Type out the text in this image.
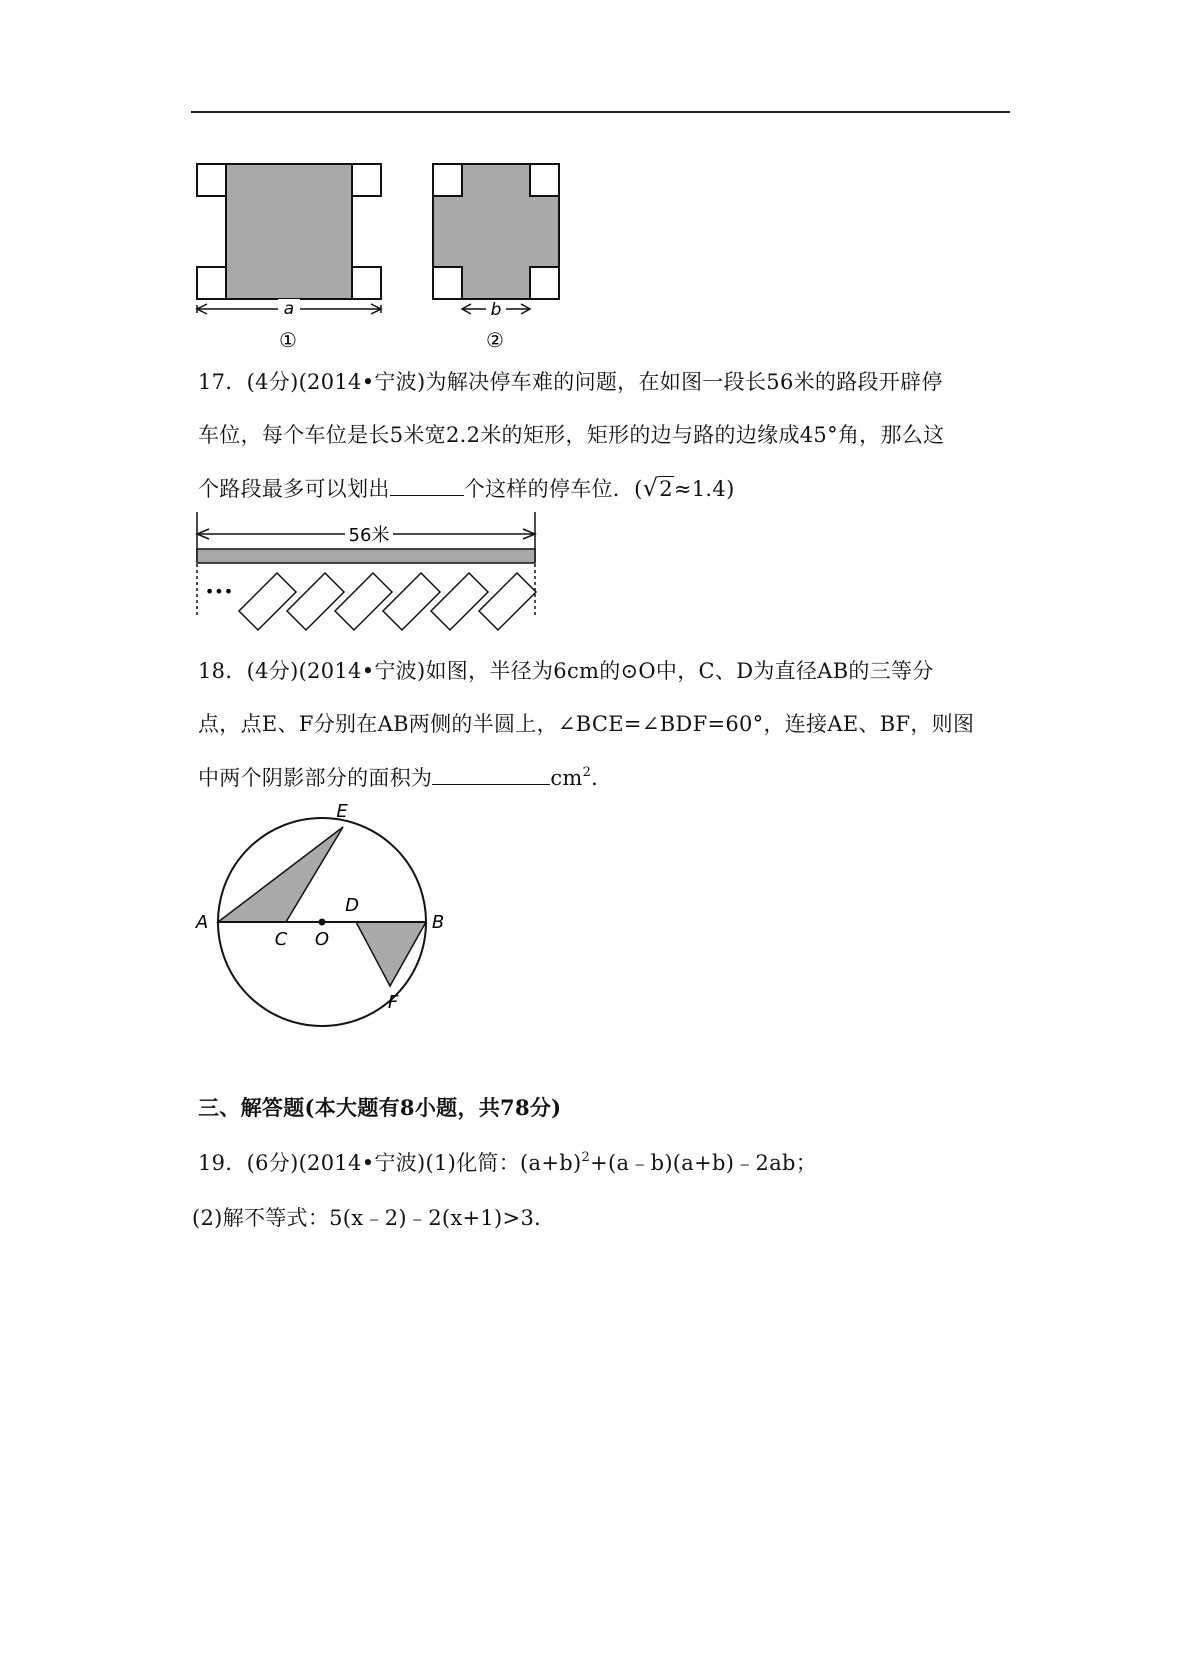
a
①
b
②
17．(4分)(2014•宁波)为解决停车难的问题，在如图一段长56米的路段开辟停
车位，每个车位是长5米宽2.2米的矩形，矩形的边与路的边缘成45°角，那么这
个路段最多可以划出	个这样的停车位．(√2≈1.4)
56米
•••
18．(4分)(2014•宁波)如图，半径为6cm的⊙O中，C、D为直径AB的三等分
点，点E、F分别在AB两侧的半圆上，∠BCE=∠BDF=60°，连接AE、BF，则图
中两个阴影部分的面积为	$cm^2$．
E
A	B
C O
D
F
三、解答题(本大题有8小题，共78分)
19．(6分)(2014•宁波)(1)化简：$(a+b)^2+(a﹣b)(a+b)﹣2ab$；
(2)解不等式：5(x﹣2)﹣2(x+1)>3．
